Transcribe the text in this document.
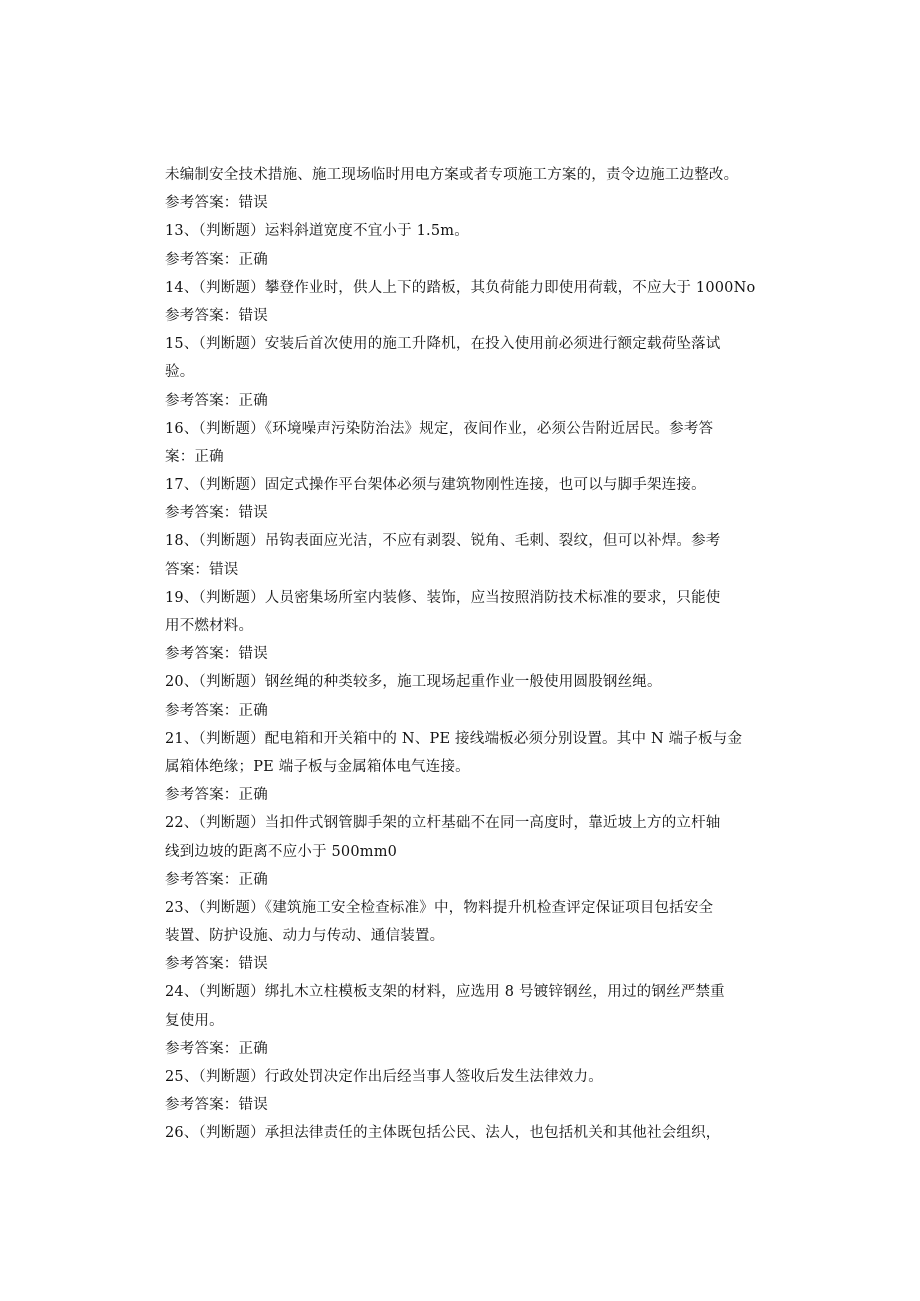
未编制安全技术措施、施工现场临时用电方案或者专项施工方案的，责令边施工边整改。
参考答案：错误
13、（判断题）运料斜道宽度不宜小于 1.5m。
参考答案：正确
14、（判断题）攀登作业时，供人上下的踏板，其负荷能力即使用荷载，不应大于 1000No
参考答案：错误
15、（判断题）安装后首次使用的施工升降机，在投入使用前必须进行额定载荷坠落试
验。
参考答案：正确
16、（判断题）《环境噪声污染防治法》规定，夜间作业，必须公告附近居民。参考答
案：正确
17、（判断题）固定式操作平台架体必须与建筑物刚性连接，也可以与脚手架连接。
参考答案：错误
18、（判断题）吊钩表面应光洁，不应有剥裂、锐角、毛刺、裂纹，但可以补焊。参考
答案：错误
19、（判断题）人员密集场所室内装修、装饰，应当按照消防技术标准的要求，只能使
用不燃材料。
参考答案：错误
20、（判断题）钢丝绳的种类较多，施工现场起重作业一般使用圆股钢丝绳。
参考答案：正确
21、（判断题）配电箱和开关箱中的 N、PE 接线端板必须分别设置。其中 N 端子板与金
属箱体绝缘；PE 端子板与金属箱体电气连接。
参考答案：正确
22、（判断题）当扣件式钢管脚手架的立杆基础不在同一高度时，靠近坡上方的立杆轴
线到边坡的距离不应小于 500mm0
参考答案：正确
23、（判断题）《建筑施工安全检查标准》中，物料提升机检查评定保证项目包括安全
装置、防护设施、动力与传动、通信装置。
参考答案：错误
24、（判断题）绑扎木立柱模板支架的材料，应选用 8 号镀锌钢丝，用过的钢丝严禁重
复使用。
参考答案：正确
25、（判断题）行政处罚决定作出后经当事人签收后发生法律效力。
参考答案：错误
26、（判断题）承担法律责任的主体既包括公民、法人，也包括机关和其他社会组织，
